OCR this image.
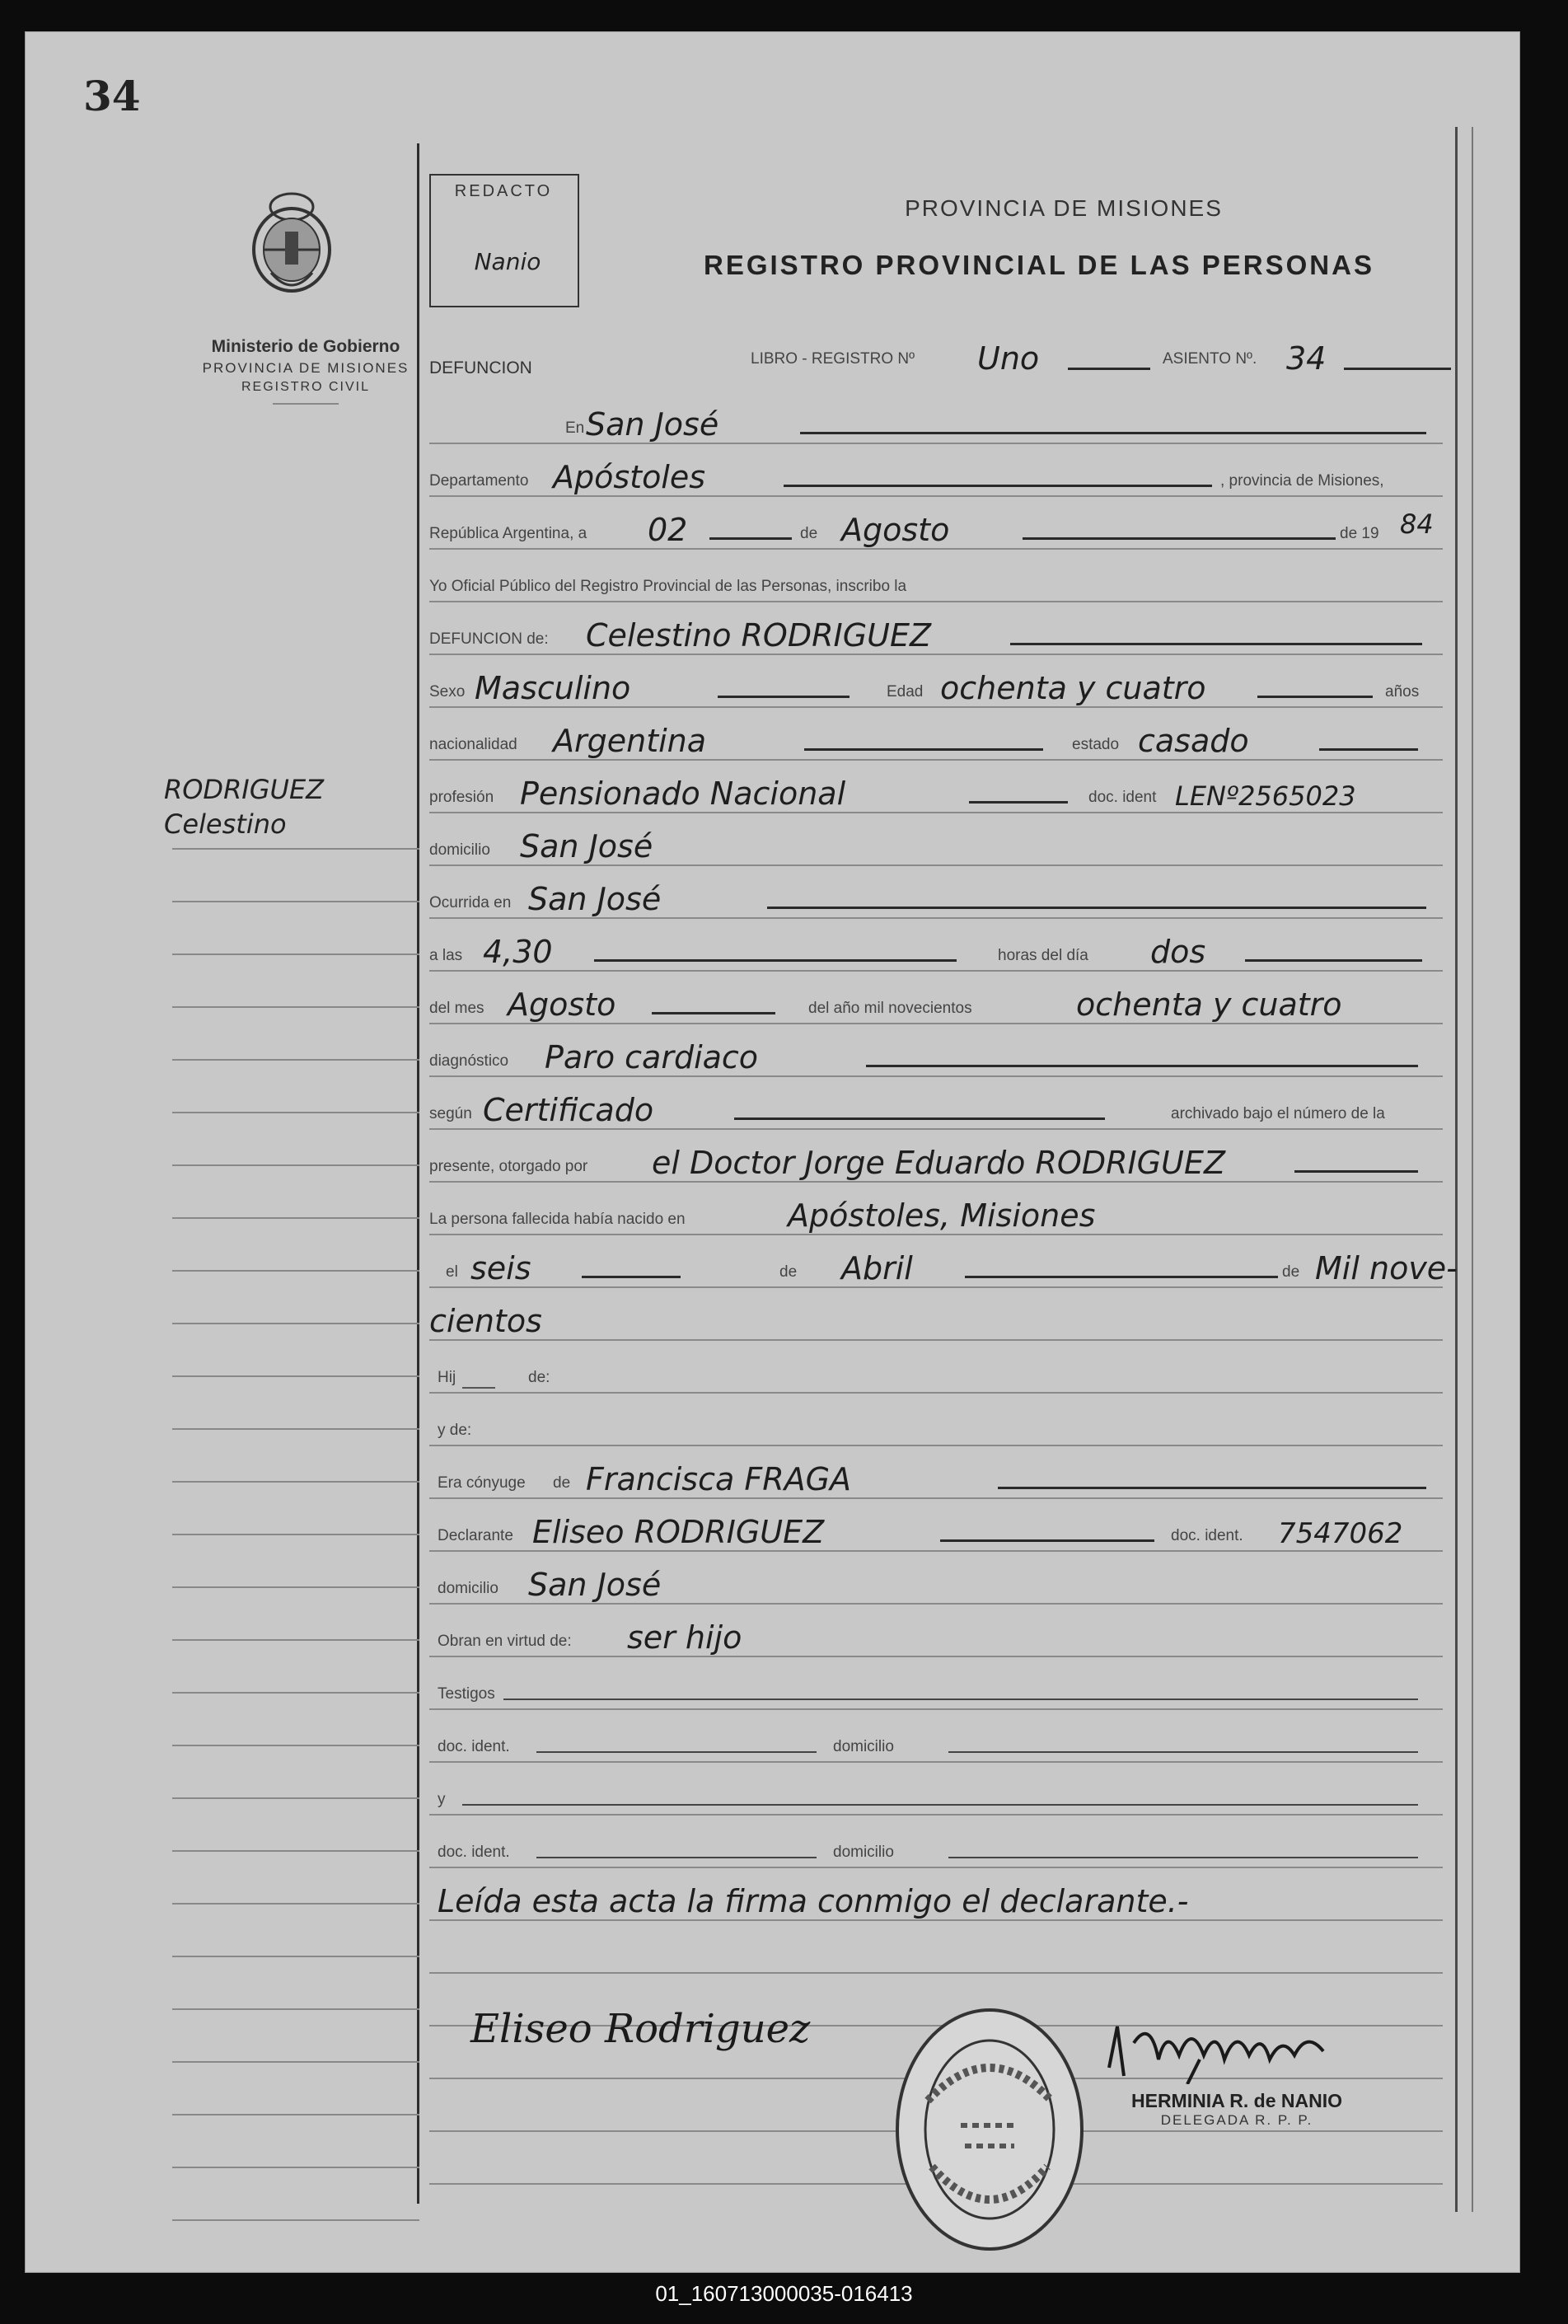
34
Ministerio de Gobierno
PROVINCIA DE MISIONES
REGISTRO CIVIL
RODRIGUEZ
Celestino
REDACTO
Nanio
PROVINCIA DE MISIONES
REGISTRO PROVINCIAL DE LAS PERSONAS
DEFUNCION	LIBRO - REGISTRO Nº Uno	ASIENTO Nº. 34
En San José
Departamento Apóstoles	, provincia de Misiones,
República Argentina, a 02	de Agosto	de 19 84
Yo Oficial Público del Registro Provincial de las Personas, inscribo la
DEFUNCION de: Celestino RODRIGUEZ
Sexo Masculino	Edad ochenta y cuatro	años
nacionalidad Argentina	estado casado
profesión Pensionado Nacional	doc. ident LENº2565023
domicilio San José
Ocurrida en San José
a las 4,30	horas del día dos
del mes Agosto	del año mil novecientos	ochenta y cuatro
diagnóstico Paro cardiaco
según Certificado	archivado bajo el número de la
presente, otorgado por el Doctor Jorge Eduardo RODRIGUEZ
La persona fallecida había nacido en	Apóstoles, Misiones
el seis	de Abril	de Mil nove-
cientos
Hij	de:
y de:
Era cónyuge de Francisca FRAGA
Declarante Eliseo RODRIGUEZ	doc. ident. 7547062
domicilio San José
Obran en virtud de: ser hijo
Testigos
doc. ident.	domicilio
y
doc. ident.	domicilio
Leída esta acta la firma conmigo el declarante.-
Eliseo Rodriguez
HERMINIA R. de NANIO
DELEGADA R. P. P.
01_160713000035-016413
